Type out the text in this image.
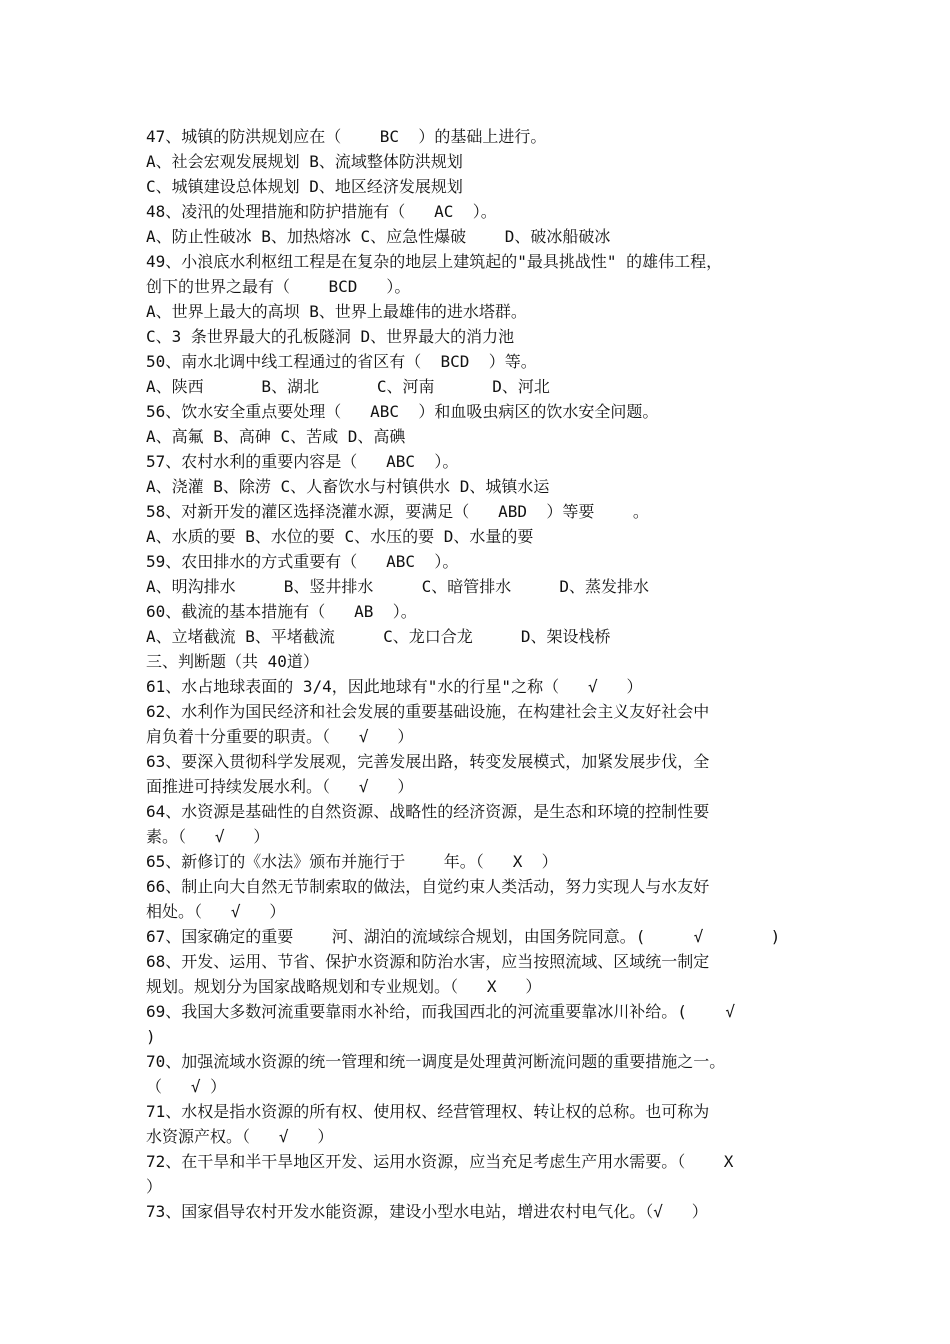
47、城镇的防洪规划应在（    BC  ）的基础上进行。
A、社会宏观发展规划 B、流域整体防洪规划
C、城镇建设总体规划 D、地区经济发展规划
48、凌汛的处理措施和防护措施有（   AC  ）。
A、防止性破冰 B、加热熔冰 C、应急性爆破    D、破冰船破冰
49、小浪底水利枢纽工程是在复杂的地层上建筑起的"最具挑战性" 的雄伟工程，
创下的世界之最有（    BCD   ）。
A、世界上最大的高坝 B、世界上最雄伟的进水塔群。
C、3 条世界最大的孔板隧洞 D、世界最大的消力池
50、南水北调中线工程通过的省区有（  BCD  ）等。
A、陕西      B、湖北      C、河南      D、河北
56、饮水安全重点要处理（   ABC  ）和血吸虫病区的饮水安全问题。
A、高氟 B、高砷 C、苦咸 D、高碘
57、农村水利的重要内容是（   ABC  ）。
A、浇灌 B、除涝 C、人畜饮水与村镇供水 D、城镇水运
58、对新开发的灌区选择浇灌水源，要满足（   ABD  ）等要    。
A、水质的要 B、水位的要 C、水压的要 D、水量的要
59、农田排水的方式重要有（   ABC  ）。
A、明沟排水     B、竖井排水     C、暗管排水     D、蒸发排水
60、截流的基本措施有（   AB  ）。
A、立堵截流 B、平堵截流     C、龙口合龙     D、架设栈桥
三、判断题（共 40道）
61、水占地球表面的 3/4，因此地球有"水的行星"之称（   √   ）
62、水利作为国民经济和社会发展的重要基础设施，在构建社会主义友好社会中
肩负着十分重要的职责。（   √   ）
63、要深入贯彻科学发展观，完善发展出路，转变发展模式，加紧发展步伐，全
面推进可持续发展水利。（   √   ）
64、水资源是基础性的自然资源、战略性的经济资源，是生态和环境的控制性要
素。（   √   ）
65、新修订的《水法》颁布并施行于    年。（   X  ）
66、制止向大自然无节制索取的做法，自觉约束人类活动，努力实现人与水友好
相处。（   √   ）
67、国家确定的重要    河、湖泊的流域综合规划，由国务院同意。(     √       )
68、开发、运用、节省、保护水资源和防治水害，应当按照流域、区域统一制定
规划。规划分为国家战略规划和专业规划。（   X   ）
69、我国大多数河流重要靠雨水补给，而我国西北的河流重要靠冰川补给。(    √
)
70、加强流域水资源的统一管理和统一调度是处理黄河断流问题的重要措施之一。
（   √ ）
71、水权是指水资源的所有权、使用权、经营管理权、转让权的总称。也可称为
水资源产权。（   √   ）
72、在干旱和半干旱地区开发、运用水资源，应当充足考虑生产用水需要。（    X
）
73、国家倡导农村开发水能资源，建设小型水电站，增进农村电气化。（√   ）
